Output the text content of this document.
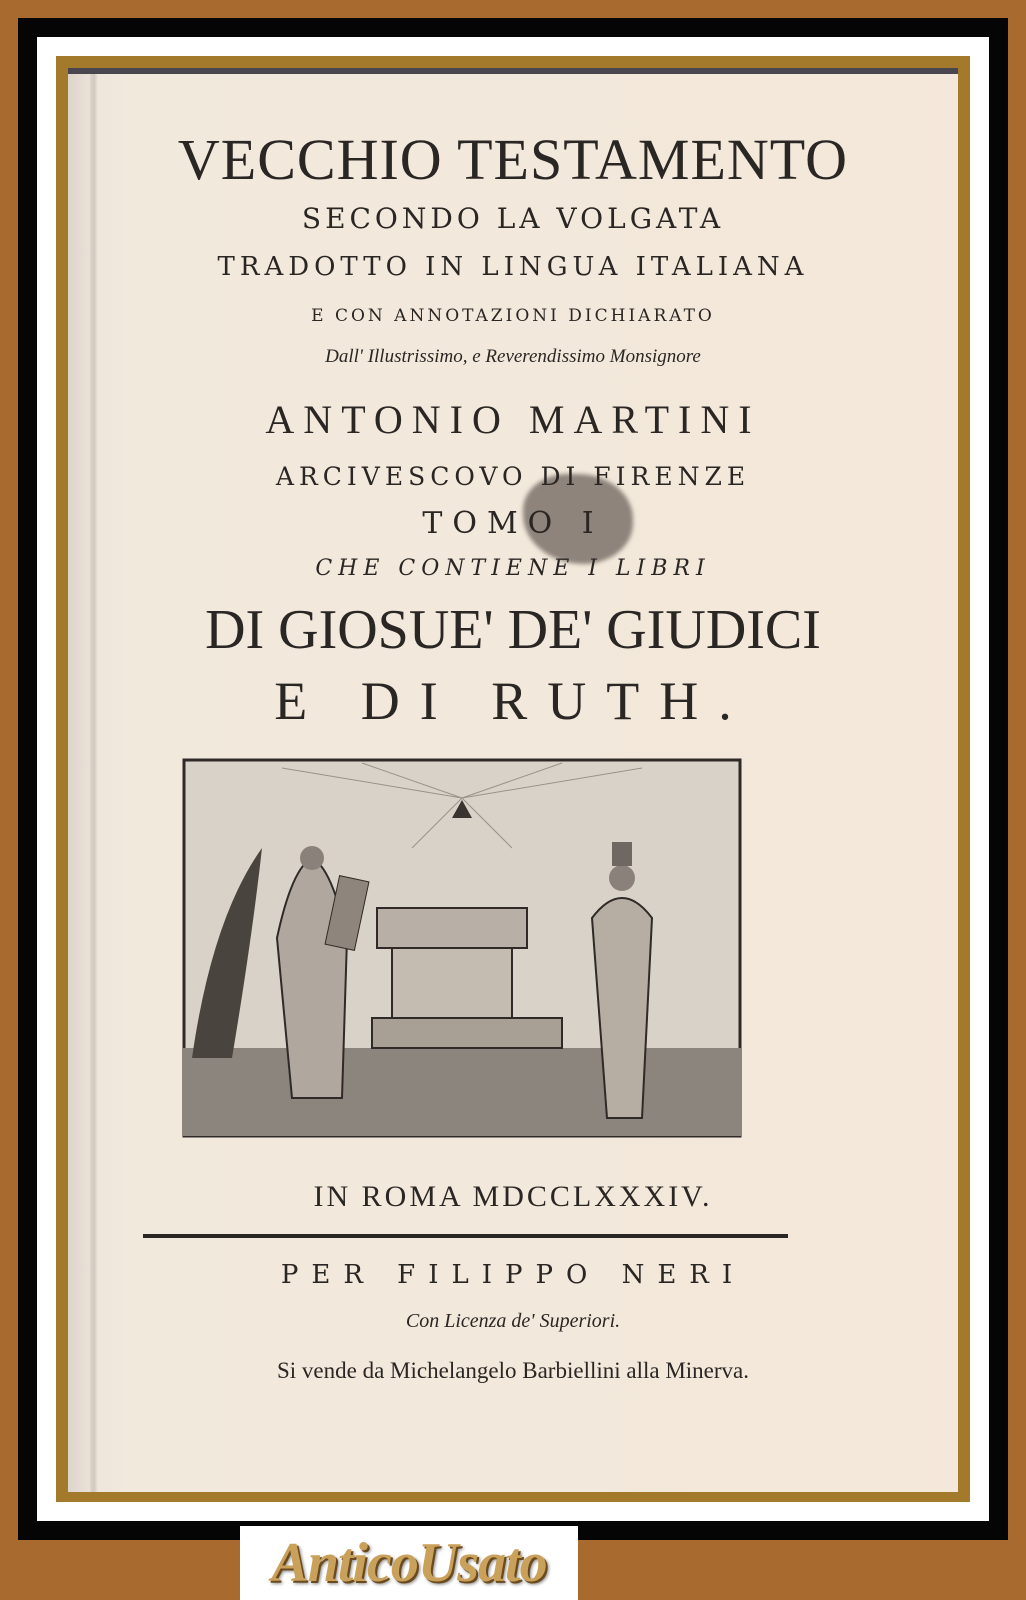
VECCHIO TESTAMENTO
SECONDO LA VOLGATA
TRADOTTO IN LINGUA ITALIANA
E CON ANNOTAZIONI DICHIARATO
Dall' Illustrissimo, e Reverendissimo Monsignore
ANTONIO MARTINI
ARCIVESCOVO DI FIRENZE
TOMO I
CHE CONTIENE I LIBRI
DI GIOSUE' DE' GIUDICI
E DI RUTH.
IN ROMA MDCCLXXXIV.
PER FILIPPO NERI
Con Licenza de' Superiori.
Si vende da Michelangelo Barbiellini alla Minerva.
AnticoUsato
